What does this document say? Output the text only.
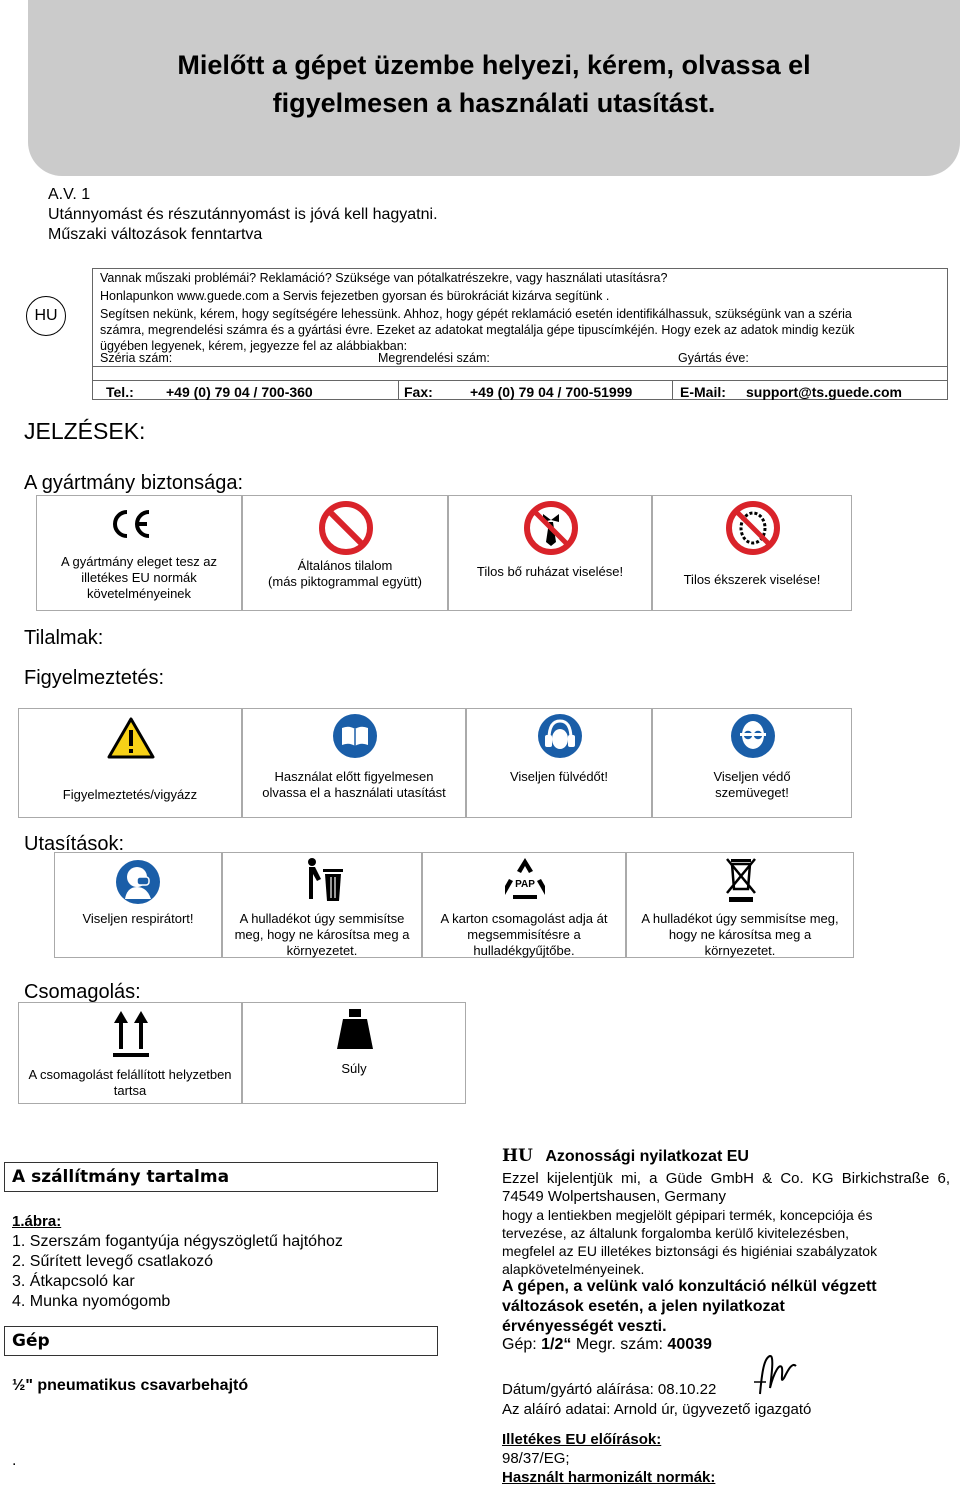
Mielőtt a gépet üzembe helyezi, kérem, olvassa el
figyelmesen a használati utasítást.
A.V. 1
Utánnyomást és részutánnyomást is jóvá kell hagyatni.
Műszaki változások fenntartva
HU
Vannak műszaki problémái? Reklamáció? Szüksége van pótalkatrészekre, vagy használati utasításra?
Honlapunkon www.guede.com a Servis fejezetben gyorsan és bürokráciát kizárva segítünk .
Segítsen nekünk, kérem, hogy segítségére lehessünk. Ahhoz, hogy gépét reklamáció esetén identifikálhassuk, szükségünk van a széria
számra, megrendelési számra és a gyártási évre. Ezeket az adatokat megtalálja gépe tipuscímkéjén. Hogy ezek az adatok mindig kezük
ügyében legyenek, kérem, jegyezze fel az alábbiakban:
Széria szám:	Megrendelési szám:	Gyártás éve:
Tel.: +49 (0) 79 04 / 700-360	Fax:	+49 (0) 79 04 / 700-51999	E-Mail: support@ts.guede.com
JELZÉSEK:
A gyártmány biztonsága:
A gyártmány eleget tesz az
illetékes EU normák
követelményeinek
Általános tilalom
(más piktogrammal együtt)
Tilos bő ruházat viselése!
Tilos ékszerek viselése!
Tilalmak:
Figyelmeztetés:
Figyelmeztetés/vigyázz
Használat előtt figyelmesen
olvassa el a használati utasítást
Viseljen fülvédőt!	Viseljen védő
szemüveget!
Utasítások:
Viseljen respirátort!	A hulladékot úgy semmisítse
meg, hogy ne károsítsa meg a
környezetet.
PAP
A karton csomagolást adja át
megsemmisítésre a
hulladékgyűjtőbe.
A hulladékot úgy semmisítse meg,
hogy ne károsítsa meg a
környezetet.
Csomagolás:
A csomagolást felállított helyzetben
tartsa
Súly
A szállítmány tartalma
1.ábra:
1. Szerszám fogantyúja négyszögletű hajtóhoz
2. Sűrített levegő csatlakozó
3. Átkapcsoló kar
4. Munka nyomógomb
Gép
½" pneumatikus csavarbehajtó
.
HU Azonossági nyilatkozat EU
Ezzel kijelentjük mi, a Güde GmbH & Co. KG Birkichstraße 6,
74549 Wolpertshausen, Germany
hogy a lentiekben megjelölt gépipari termék, koncepciója és
tervezése, az általunk forgalomba kerülő kivitelezésben,
megfelel az EU illetékes biztonsági és higiéniai szabályzatok
alapkövetelményeinek.
A gépen, a velünk való konzultáció nélkül végzett
változások esetén, a jelen nyilatkozat
érvényességét veszti.
Gép: 1/2“ Megr. szám: 40039
Dátum/gyártó aláírása: 08.10.22
Az aláíró adatai: Arnold úr, ügyvezető igazgató
Illetékes EU előírások:
98/37/EG;
Használt harmonizált normák:
